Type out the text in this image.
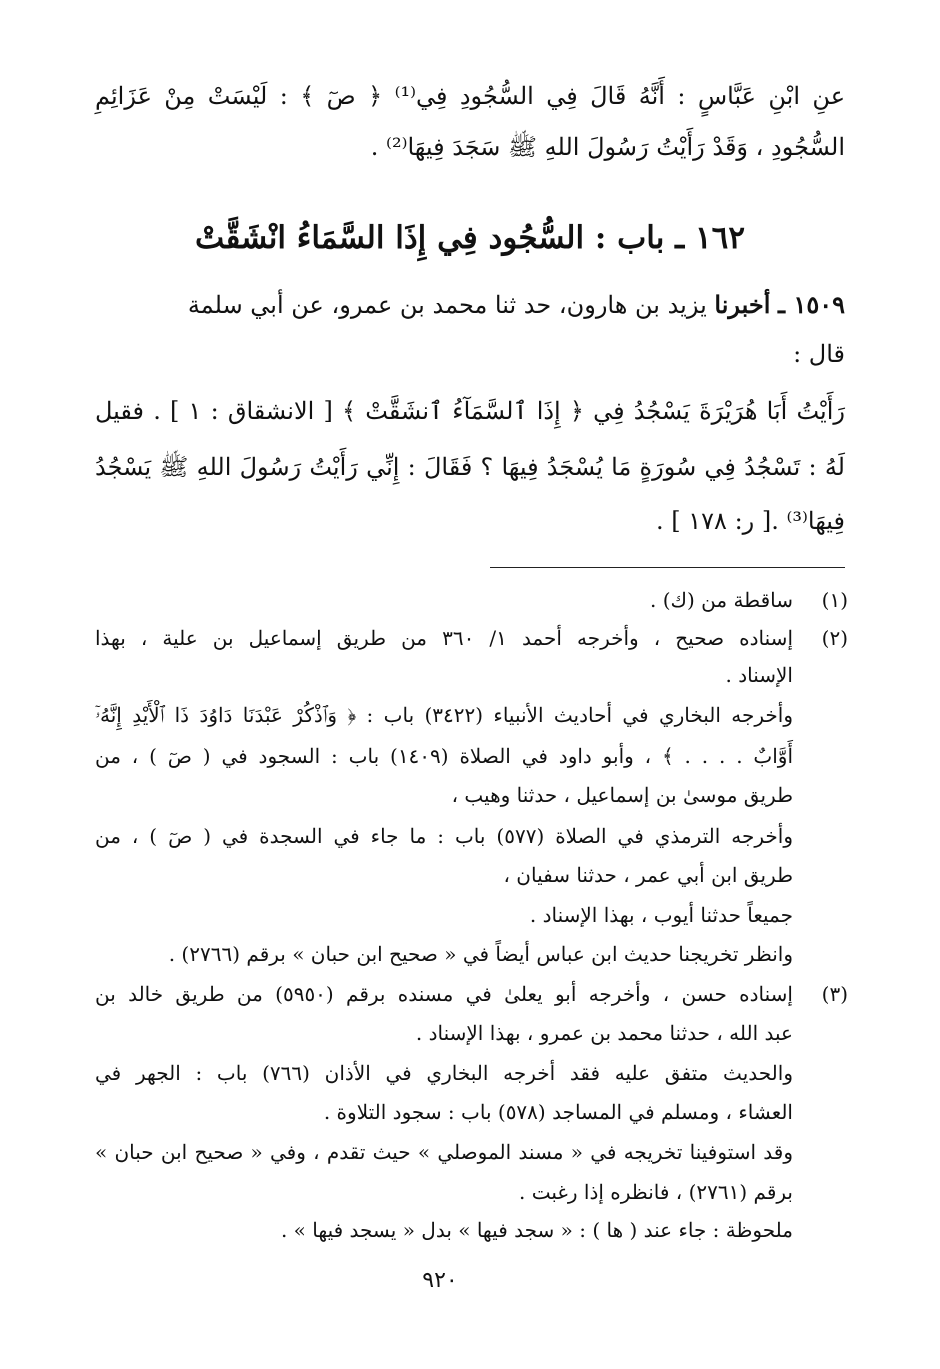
عنِ ابْنِ عَبَّاسٍ : أَنَّهُ قَالَ فِي السُّجُودِ فِي⁽¹⁾ ﴿ صٓ ﴾ : لَيْسَتْ مِنْ عَزَائِمِ
السُّجُودِ ، وَقَدْ رَأَيْتُ رَسُولَ اللهِ ﷺ سَجَدَ فِيهَا⁽²⁾ .
١٦٢ ـ باب : السُّجُود فِي إِذَا السَّمَاءُ انْشَقَّتْ
١٥٠٩ ـ أخبرنا يزيد بن هارون، حد ثنا محمد بن عمرو، عن أبي سلمة
قال :
رَأَيْتُ أَبَا هُرَيْرَةَ يَسْجُدُ فِي ﴿ إِذَا ٱلسَّمَآءُ ٱنشَقَّتْ ﴾ [ الانشقاق : ١ ] . فقيل
لَهُ : تَسْجُدُ فِي سُورَةٍ مَا يُسْجَدُ فِيهَا ؟ فَقَالَ : إِنِّي رَأَيْتُ رَسُولَ اللهِ ﷺ يَسْجُدُ
فِيهَا⁽³⁾ .[ ر: ١٧٨ ] .
(١)
ساقطة من (ك) .
(٢)
إسناده صحيح ، وأخرجه أحمد ١/ ٣٦٠ من طريق إسماعيل بن علية ، بهذا
الإسناد .
وأخرجه البخاري في أحاديث الأنبياء (٣٤٢٢) باب : ﴿ وَٱذْكُرْ عَبْدَنَا دَاوُدَ ذَا ٱلْأَيْدِ إِنَّهُۥٓ
أَوَّابٌ . . . . ﴾ ، وأبو داود في الصلاة (١٤٠٩) باب : السجود في ( صٓ ) ، من
طريق موسىٰ بن إسماعيل ، حدثنا وهيب ،
وأخرجه الترمذي في الصلاة (٥٧٧) باب : ما جاء في السجدة في ( صٓ ) ، من
طريق ابن أبي عمر ، حدثنا سفيان ،
جميعاً حدثنا أيوب ، بهذا الإسناد .
وانظر تخريجنا حديث ابن عباس أيضاً في « صحيح ابن حبان » برقم (٢٧٦٦) .
(٣)
إسناده حسن ، وأخرجه أبو يعلىٰ في مسنده برقم (٥٩٥٠) من طريق خالد بن
عبد الله ، حدثنا محمد بن عمرو ، بهذا الإسناد .
والحديث متفق عليه فقد أخرجه البخاري في الأذان (٧٦٦) باب : الجهر في
العشاء ، ومسلم في المساجد (٥٧٨) باب : سجود التلاوة .
وقد استوفينا تخريجه في « مسند الموصلي » حيث تقدم ، وفي « صحيح ابن حبان »
برقم (٢٧٦١) ، فانظره إذا رغبت .
ملحوظة : جاء عند ( ها ) : « سجد فيها » بدل « يسجد فيها » .
٩٢٠
